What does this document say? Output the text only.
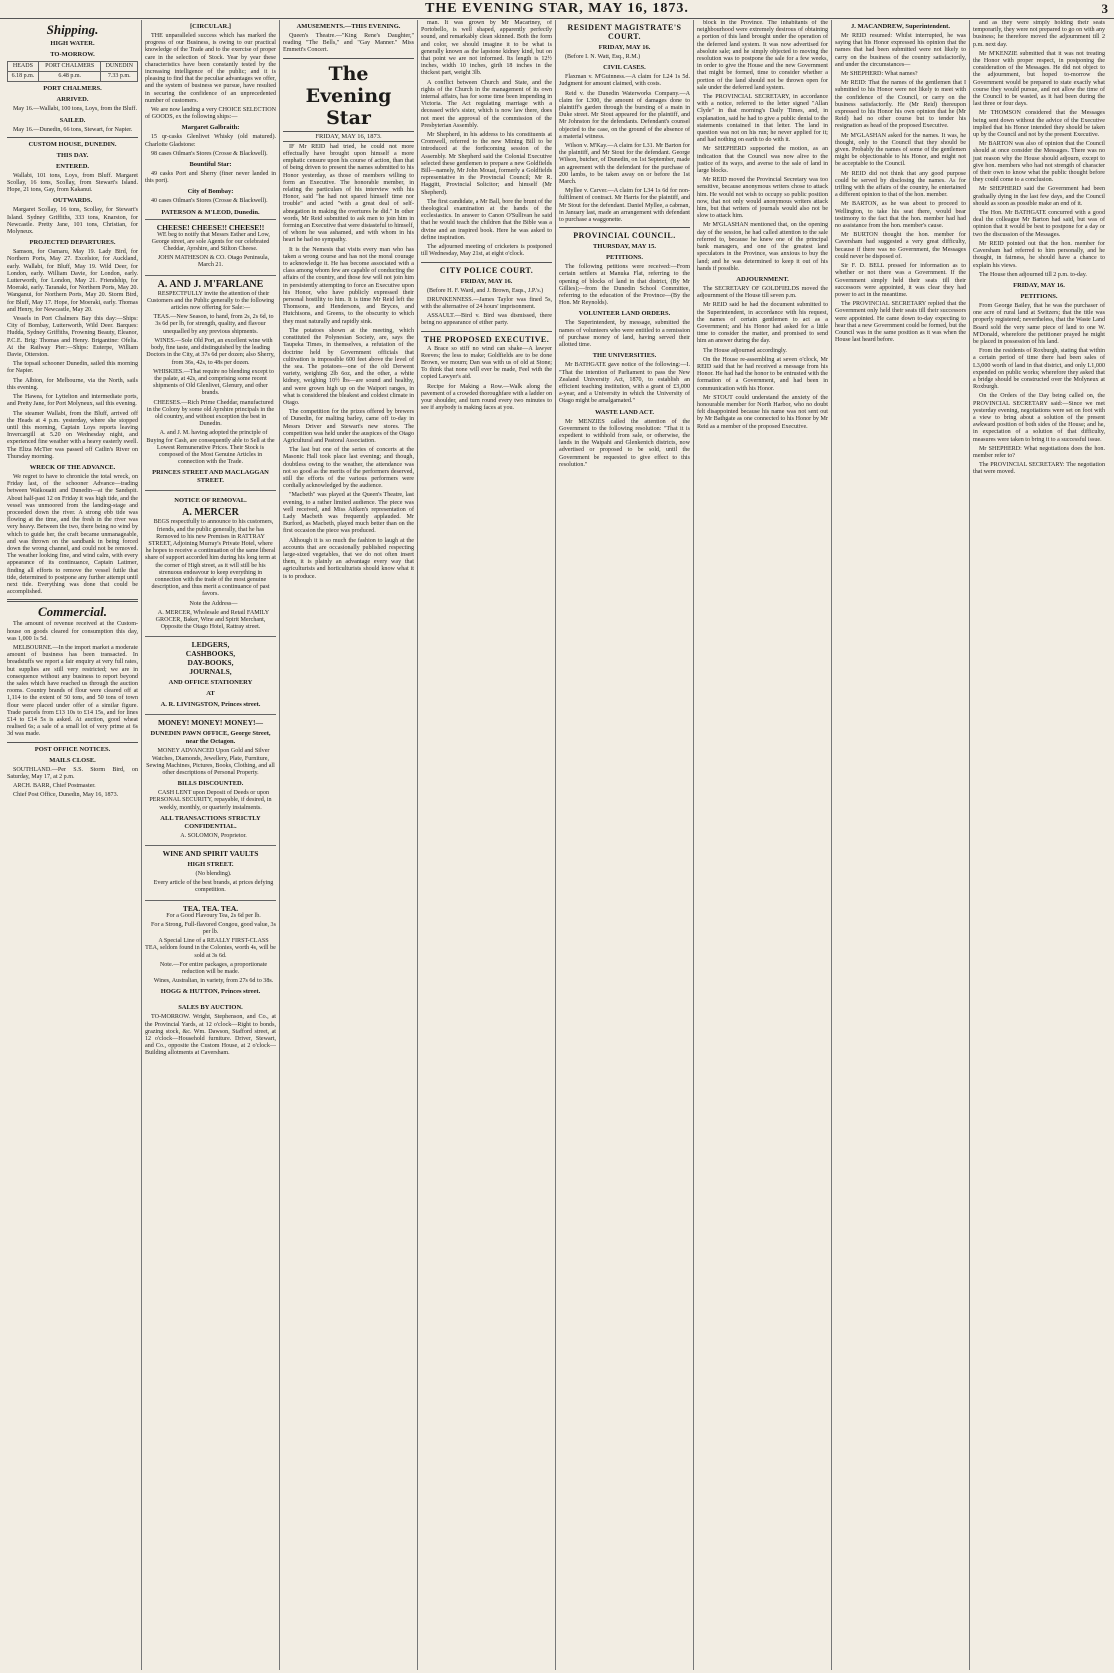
THE EVENING STAR, MAY 16, 1873.	3
Shipping.
HIGH WATER.
TO-MORROW.
HEADS	PORT CHALMERS	DUNEDIN
6.18 p.m.	6.48 p.m.	7.33 p.m.
PORT CHALMERS.
ARRIVED.

May 16.—Wallabi, 100 tons, Loys, from the Bluff.

SAILED.

May 16.—Dunedin, 66 tons, Stewart, for Napier.

CUSTOM HOUSE, DUNEDIN.
THIS DAY.
ENTERED.

Wallabi, 101 tons, Loys, from Bluff. Margaret Scollay, 16 tons, Scollay, from Stewart's Island. Hope, 21 tons, Gay, from Kakanui.

OUTWARDS.

Margaret Scollay, 16 tons, Scollay, for Stewart's Island. Sydney Griffiths, 333 tons, Knarston, for Newcastle. Pretty Jane, 101 tons, Christian, for Molyneux.

PROJECTED DEPARTURES.

Samson, for Oamaru, May 19. Lady Bird, for Northern Ports, May 27. Excelsior, for Auckland, early. Wallabi, for Bluff, May 19. Wild Deer, for London, early. William Davie, for London, early. Lutterworth, for London, May 21. Friendship, for Moeraki, early. Taranaki, for Northern Ports, May 20. Wanganui, for Northern Ports, May 20. Storm Bird, for Bluff, May 17. Hope, for Moeraki, early. Thomas and Henry, for Newcastle, May 20.

Vessels in Port Chalmers Bay this day:—Ships: City of Bombay, Lutterworth, Wild Deer. Barques: Hudda, Sydney Griffiths, Frowning Beauty, Eleanor, P.C.E. Brig: Thomas and Henry. Brigantine: Ofelia. At the Railway Pier:—Ships: Euterpe, William Davie, Otterston.

The topsail schooner Dunedin, sailed this morning for Napier.

The Albion, for Melbourne, via the North, sails this evening.

The Hawea, for Lyttelton and intermediate ports, and Pretty Jane, for Port Molyneux, sail this evening.

The steamer Wallabi, from the Bluff, arrived off the Heads at 4 p.m. yesterday, where she stopped until this morning, Captain Loys reports leaving Invercargill at 5.20 on Wednesday night, and experienced fine weather with a heavy easterly swell. The Eliza McTier was passed off Catlin's River on Thursday morning.

WRECK OF THE ADVANCE.

We regret to have to chronicle the total wreck, on Friday last, of the schooner Advance—trading between Waikouaiti and Dunedin—at the Sandspit. About half-past 12 on Friday it was high tide, and the vessel was unmoored from the landing-stage and proceeded down the river. A strong ebb tide was flowing at the time, and the fresh in the river was very heavy. Between the two, there being no wind by which to guide her, the craft became unmanageable, and was thrown on the sandbank in being forced down the wrong channel, and could not be removed. The weather looking fine, and wind calm, with every appearance of its continuance, Captain Latimer, finding all efforts to remove the vessel futile that tide, determined to postpone any further attempt until next tide. Everything was done that could be accomplished.

Commercial.

The amount of revenue received at the Custom-house on goods cleared for consumption this day, was 1,000 1s 5d.

MELBOURNE.—In the import market a moderate amount of business has been transacted. In breadstuffs we report a fair enquiry at very full rates, but supplies are still very restricted; we are in consequence without any business to report beyond the sales which have reached us through the auction rooms. Country brands of flour were cleared off at 1,114 to the extent of 50 tons, and 50 tons of town flour were placed under offer of a similar figure. Trade parcels from £13 10s to £14 15s, and for lines £14 to £14 5s is asked. At auction, good wheat realised 6s; a sale of a small lot of very prime at 6s 3d was made.

POST OFFICE NOTICES.
MAILS CLOSE.

SOUTHLAND.—Per S.S. Storm Bird, on Saturday, May 17, at 2 p.m.

ARCH. BARR, Chief Postmaster.

Chief Post Office, Dunedin, May 16, 1873.

[CIRCULAR.]

THE unparalleled success which has marked the progress of our Business, is owing to our practical knowledge of the Trade and to the exercise of proper care in the selection of Stock. Year by year these characteristics have been constantly tested by the increasing intelligence of the public; and it is pleasing to find that the peculiar advantages we offer, and the system of business we pursue, have resulted in securing the confidence of an unprecedented number of customers.

We are now landing a very CHOICE SELECTION of GOODS, ex the following ships:—

Margaret Galbraith:

15 qr-casks Glenlivet Whisky (old matured). Charlotte Gladstone:

98 cases Oilman's Stores (Crosse & Blackwell).

Bountiful Star:

49 casks Port and Sherry (finer never landed in this port).

City of Bombay:

40 cases Oilman's Stores (Crosse & Blackwell).

PATERSON & M'LEOD, Dunedin.
CHEESE! CHEESE!! CHEESE!!

WE beg to notify that Messrs Esther and Low, George street, are sole Agents for our celebrated Cheddar, Ayrshire, and Stilton Cheese.

JOHN MATHESON & CO. Otago Peninsula, March 21.

A. AND J. M'FARLANE

RESPECTFULLY invite the attention of their Customers and the Public generally to the following articles now offering for Sale:—

TEAS.—New Season, to hand, from 2s, 2s 6d, to 3s 6d per lb, for strength, quality, and flavour unequalled by any previous shipments.

WINES.—Sole Old Port, an excellent wine with body, fine taste, and distinguished by the leading Doctors in the City, at 37s 6d per dozen; also Sherry, from 36s, 42s, to 48s per dozen.

WHISKIES.—That require no blending except to the palate, at 42s, and comprising some recent shipments of Old Glenlivet, Glenury, and other brands.

CHEESES.—Rich Prime Cheddar, manufactured in the Colony by some old Ayrshire principals in the old country, and without exception the best in Dunedin.

A. and J. M. having adopted the principle of Buying for Cash, are consequently able to Sell at the Lowest Remunerative Prices. Their Stock is composed of the Most Genuine Articles in connection with the Trade.

PRINCES STREET AND MACLAGGAN STREET.
NOTICE OF REMOVAL.
A. MERCER

BEGS respectfully to announce to his customers, friends, and the public generally, that he has Removed to his new Premises in RATTRAY STREET, Adjoining Murray's Private Hotel, where he hopes to receive a continuation of the same liberal share of support accorded him during his long term at the corner of High street, as it will still be his strenuous endeavour to keep everything in connection with the trade of the most genuine description, and thus merit a continuance of past favors.

Note the Address—

A. MERCER, Wholesale and Retail FAMILY GROCER, Baker, Wine and Spirit Merchant, Opposite the Otago Hotel, Rattray street.

LEDGERS,
CASHBOOKS,
DAY-BOOKS,
JOURNALS,
AND OFFICE STATIONERY
AT
A. R. LIVINGSTON, Princes street.
MONEY! MONEY! MONEY!—
DUNEDIN PAWN OFFICE, George Street, near the Octagon.

MONEY ADVANCED Upon Gold and Silver Watches, Diamonds, Jewellery, Plate, Furniture, Sewing Machines, Pictures, Books, Clothing, and all other descriptions of Personal Property.

BILLS DISCOUNTED.

CASH LENT upon Deposit of Deeds or upon PERSONAL SECURITY, repayable, if desired, in weekly, monthly, or quarterly instalments.

ALL TRANSACTIONS STRICTLY CONFIDENTIAL.

A. SOLOMON, Proprietor.

WINE AND SPIRIT VAULTS
HIGH STREET.

(No blending).

Every article of the best brands, at prices defying competition.

TEA. TEA. TEA.

For a Good Flavoury Tea, 2s 6d per lb.

For a Strong, Full-flavored Congou, good value, 3s per lb.

A Special Line of a REALLY FIRST-CLASS TEA, seldom found in the Colonies, worth 4s, will be sold at 3s 6d.

Note.—For entire packages, a proportionate reduction will be made.

Wines, Australian, in variety, from 27s 6d to 38s.

HOGG & HUTTON, Princes street.
SALES BY AUCTION.

TO-MORROW. Wright, Stephenson, and Co., at the Provincial Yards, at 12 o'clock—Right to bonds, grazing stock, &c. Wm. Dawson, Stafford street, at 12 o'clock—Household furniture. Driver, Stewart, and Co., opposite the Custom House, at 2 o'clock—Building allotments at Caversham.

AMUSEMENTS.—THIS EVENING.

Queen's Theatre.—"King Rene's Daughter," reading "The Bells," and "Gay Manner." Miss Emmett's Concert.

The Evening Star
FRIDAY, MAY 16, 1873.

IF Mr REID had tried, he could not more effectually have brought upon himself a more emphatic censure upon his course of action, than that of being driven to present the names submitted to his Honor yesterday, as those of members willing to form an Executive. The honorable member, in relating the particulars of his interview with his Honor, said "he had not spared himself time nor trouble" and acted "with a great deal of self-abnegation in making the overtures he did." In other words, Mr Reid submitted to ask men to join him in forming an Executive that were distasteful to himself, of whom he was ashamed, and with whom in his heart he had no sympathy.

It is the Nemesis that visits every man who has taken a wrong course and has not the moral courage to acknowledge it. He has become associated with a class among whom few are capable of conducting the affairs of the country, and those few will not join him in persistently attempting to force an Executive upon his Honor, who have publicly expressed their personal hostility to him. It is time Mr Reid left the Thomsons, and Hendersons, and Bryces, and Hutchisons, and Greens, to the obscurity to which they must naturally and rapidly sink.

The potatoes shown at the meeting, which constituted the Polynesian Society, are, says the Taupeka Times, in themselves, a refutation of the doctrine held by Government officials that cultivation is impossible 600 feet above the level of the sea. The potatoes—one of the old Derwent variety, weighing 2lb 6oz, and the other, a white kidney, weighing 10½ lbs—are sound and healthy, and were grown high up on the Waipori ranges, in what is considered the bleakest and coldest climate in Otago.

The competition for the prizes offered by brewers of Dunedin, for malting barley, came off to-day in Messrs Driver and Stewart's new stores. The competition was held under the auspices of the Otago Agricultural and Pastoral Association.

The last but one of the series of concerts at the Masonic Hall took place last evening; and though, doubtless owing to the weather, the attendance was not so good as the merits of the performers deserved, still the efforts of the various performers were cordially acknowledged by the audience.

"Macbeth" was played at the Queen's Theatre, last evening, to a rather limited audience. The piece was well received, and Miss Aitken's representation of Lady Macbeth was frequently applauded. Mr Burford, as Macbeth, played much better than on the first occasion the piece was produced.

Although it is so much the fashion to laugh at the accounts that are occasionally published respecting large-sized vegetables, that we do not often insert them, it is plainly an advantage every way that agriculturists and horticulturists should know what it is to produce.

man. It was grown by Mr Macartney, of Portobello, is well shaped, apparently perfectly sound, and remarkably clean skinned. Both the form and color, we should imagine it to be what is generally known as the lapstone kidney kind, but on that point we are not informed. Its length is 12½ inches, width 10 inches, girth 18 inches in the thickest part, weight 3lb.

A conflict between Church and State, and the rights of the Church in the management of its own internal affairs, has for some time been impending in Victoria. The Act regulating marriage with a deceased wife's sister, which is now law there, does not meet the approval of the commission of the Presbyterian Assembly.

Mr Shepherd, in his address to his constituents at Cromwell, referred to the new Mining Bill to be introduced at the forthcoming session of the Assembly. Mr Shepherd said the Colonial Executive selected these gentlemen to prepare a new Goldfields Bill—namely, Mr John Mouat, formerly a Goldfields representative in the Provincial Council; Mr R. Haggitt, Provincial Solicitor; and himself (Mr Shepherd).

The first candidate, a Mr Ball, bore the brunt of the theological examination at the hands of the ecclesiastics. In answer to Canon O'Sullivan he said that he would teach the children that the Bible was a divine and an inspired book. Here he was asked to define inspiration.

The adjourned meeting of cricketers is postponed till Wednesday, May 21st, at eight o'clock.

CITY POLICE COURT.
FRIDAY, MAY 16.

(Before H. F. Ward, and J. Brown, Esqs., J.P.'s.)

DRUNKENNESS.—James Taylor was fined 5s, with the alternative of 24 hours' imprisonment.

ASSAULT.—Bird v. Bird was dismissed, there being no appearance of either party.

THE PROPOSED EXECUTIVE.

A Brace so stiff no wind can shake—A lawyer Reeves; the less to make; Goldfields are to be done Brown, we mourn; Dan was with us of old at Stone; To think that none will ever be made, Feel with the copied Lawyer's aid.

Recipe for Making a Row.—Walk along the pavement of a crowded thoroughfare with a ladder on your shoulder, and turn round every two minutes to see if anybody is making faces at you.

RESIDENT MAGISTRATE'S COURT.
FRIDAY, MAY 16.

(Before I. N. Watt, Esq., R.M.)

CIVIL CASES.

Flaxman v. M'Guinness.—A claim for L24 1s 5d. Judgment for amount claimed, with costs.

Reid v. the Dunedin Waterworks Company.—A claim for L300, the amount of damages done to plaintiff's garden through the bursting of a main in Duke street. Mr Stout appeared for the plaintiff, and Mr Johnston for the defendants. Defendant's counsel objected to the case, on the ground of the absence of a material witness.

Wilson v. M'Kay.—A claim for L31. Mr Barton for the plaintiff, and Mr Stout for the defendant. George Wilson, butcher, of Dunedin, on 1st September, made an agreement with the defendant for the purchase of 200 lambs, to be taken away on or before the 1st March.

Myllee v. Carver.—A claim for L34 1s 6d for non-fulfilment of contract. Mr Harris for the plaintiff, and Mr Stout for the defendant. Daniel Myllee, a cabman, in January last, made an arrangement with defendant to purchase a waggonette.

PROVINCIAL COUNCIL.
THURSDAY, MAY 15.
PETITIONS.

The following petitions were received:—From certain settlers at Manuka Flat, referring to the opening of blocks of land in that district, (By Mr Gillies);—from the Dunedin School Committee, referring to the education of the Province—(By the Hon. Mr Reynolds).

VOLUNTEER LAND ORDERS.

The Superintendent, by message, submitted the names of volunteers who were entitled to a remission of purchase money of land, having served their allotted time.

THE UNIVERSITIES.

Mr BATHGATE gave notice of the following:—I. "That the intention of Parliament to pass the New Zealand University Act, 1870, to establish an efficient teaching institution, with a grant of £3,000 a-year, and a University in which the University of Otago might be amalgamated."

WASTE LAND ACT.

Mr MENZIES called the attention of the Government to the following resolution: "That it is expedient to withhold from sale, or otherwise, the lands in the Waipahi and Glenkenich districts, now advertised or proposed to be sold, until the Government be requested to give effect to this resolution."

block in the Province. The inhabitants of the neighbourhood were extremely desirous of obtaining a portion of this land brought under the operation of the deferred land system. It was now advertised for absolute sale; and he simply objected to moving the resolution was to postpone the sale for a few weeks, in order to give the House and the new Government that might be formed, time to consider whether a portion of the land should not be thrown open for sale under the deferred land system.

The PROVINCIAL SECRETARY, in accordance with a notice, referred to the letter signed "Allan Clyde" in that morning's Daily Times, and, in explanation, said he had to give a public denial to the statements contained in that letter. The land in question was not on his run; he never applied for it; and had nothing on earth to do with it.

Mr SHEPHERD supported the motion, as an indication that the Council was now alive to the justice of its ways, and averse to the sale of land in large blocks.

Mr REID moved the Provincial Secretary was too sensitive, because anonymous writers chose to attack him. He would not wish to occupy so public position now, that not only would anonymous writers attack him, but that writers of journals would also not be slow to attack him.

Mr M'GLASHAN mentioned that, on the opening day of the session, he had called attention to the sale referred to, because he knew one of the principal bank managers, and one of the greatest land speculators in the Province, was anxious to buy the land; and he was determined to keep it out of his hands if possible.

ADJOURNMENT.

The SECRETARY OF GOLDFIELDS moved the adjournment of the House till seven p.m.

Mr REID said he had the document submitted to the Superintendent, in accordance with his request, the names of certain gentlemen to act as a Government; and his Honor had asked for a little time to consider the matter, and promised to send him an answer during the day.

The House adjourned accordingly.

On the House re-assembling at seven o'clock, Mr REID said that he had received a message from his Honor. He had had the honor to be entrusted with the formation of a Government, and had been in communication with his Honor.

Mr STOUT could understand the anxiety of the honourable member for North Harbor, who no doubt felt disappointed because his name was not sent out by Mr Bathgate as one connected to his Honor by Mr Reid as a member of the proposed Executive.

J. MACANDREW, Superintendent.

Mr REID resumed: Whilst interrupted, he was saying that his Honor expressed his opinion that the names that had been submitted were not likely to carry on the business of the country satisfactorily, and under the circumstances—

Mr SHEPHERD: What names?

Mr REID: That the names of the gentlemen that I submitted to his Honor were not likely to meet with the confidence of the Council, or carry on the business satisfactorily. He (Mr Reid) thereupon expressed to his Honor his own opinion that he (Mr Reid) had no other course but to tender his resignation as head of the proposed Executive.

Mr M'GLASHAN asked for the names. It was, he thought, only to the Council that they should be given. Probably the names of some of the gentlemen might be objectionable to his Honor, and might not be acceptable to the Council.

Mr REID did not think that any good purpose could be served by disclosing the names. As for trifling with the affairs of the country, he entertained a different opinion to that of the hon. member.

Mr BARTON, as he was about to proceed to Wellington, to take his seat there, would bear testimony to the fact that the hon. member had had no assistance from the hon. member's cause.

Mr BURTON thought the hon. member for Caversham had suggested a very great difficulty, because if there was no Government, the Messages could never be disposed of.

Sir F. D. BELL pressed for information as to whether or not there was a Government. If the Government simply held their seats till their successors were appointed, it was clear they had power to act in the meantime.

The PROVINCIAL SECRETARY replied that the Government only held their seats till their successors were appointed. He came down to-day expecting to hear that a new Government could be formed, but the Council was in the same position as it was when the House last heard before.

and as they were simply holding their seats temporarily, they were not prepared to go on with any business; he therefore moved the adjournment till 2 p.m. next day.

Mr M'KENZIE submitted that it was not treating the Honor with proper respect, in postponing the consideration of the Messages. He did not object to the adjournment, but hoped to-morrow the Government would be prepared to state exactly what course they would pursue, and not allow the time of the Council to be wasted, as it had been during the last three or four days.

Mr THOMSON considered that the Messages being sent down without the advice of the Executive implied that his Honor intended they should be taken up by the Council and not by the present Executive.

Mr BARTON was also of opinion that the Council should at once consider the Messages. There was no just reason why the House should adjourn, except to give hon. members who had not strength of character of their own to know what the public thought before they could come to a conclusion.

Mr SHEPHERD said the Government had been gradually dying in the last few days, and the Council should as soon as possible make an end of it.

The Hon. Mr BATHGATE concurred with a good deal the colleague Mr Barton had said, but was of opinion that it would be best to postpone for a day or two the discussion of the Messages.

Mr REID pointed out that the hon. member for Caversham had referred to him personally, and he thought, in fairness, he should have a chance to explain his views.

The House then adjourned till 2 p.m. to-day.

FRIDAY, MAY 16.
PETITIONS.

From George Bailey, that he was the purchaser of one acre of rural land at Switzers; that the title was properly registered; nevertheless, that the Waste Land Board sold the very same piece of land to one W. M'Donald, wherefore the petitioner prayed he might be placed in possession of his land.

From the residents of Roxburgh, stating that within a certain period of time there had been sales of L3,000 worth of land in that district, and only L1,000 expended on public works; wherefore they asked that a bridge should be constructed over the Molyneux at Roxburgh.

On the Orders of the Day being called on, the PROVINCIAL SECRETARY said:—Since we met yesterday evening, negotiations were set on foot with a view to bring about a solution of the present awkward position of both sides of the House; and he, in expectation of a solution of that difficulty, measures were taken to bring it to a successful issue.

Mr SHEPHERD: What negotiations does the hon. member refer to?

The PROVINCIAL SECRETARY: The negotiation that were moved.
